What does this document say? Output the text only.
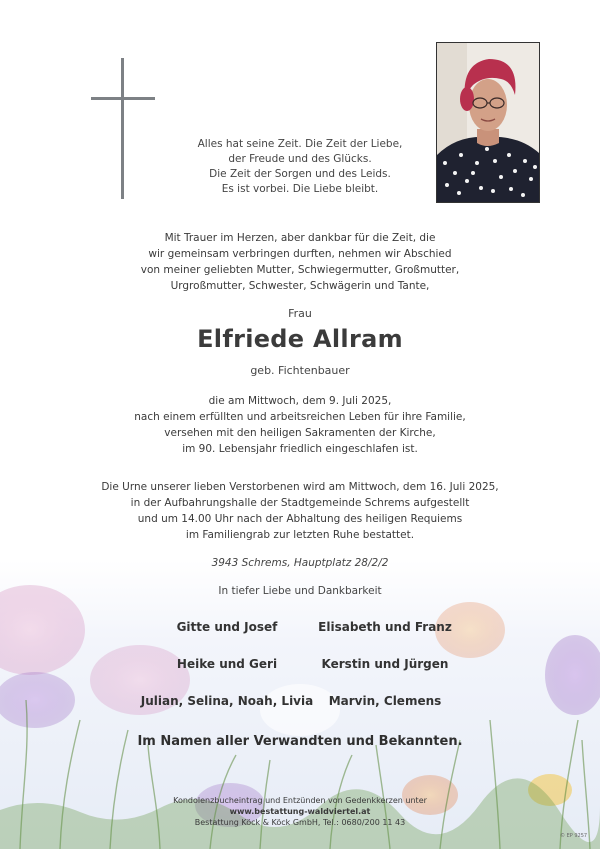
Alles hat seine Zeit. Die Zeit der Liebe,
der Freude und des Glücks.
Die Zeit der Sorgen und des Leids.
Es ist vorbei. Die Liebe bleibt.
Mit Trauer im Herzen, aber dankbar für die Zeit, die
wir gemeinsam verbringen durften, nehmen wir Abschied
von meiner geliebten Mutter, Schwiegermutter, Großmutter,
Urgroßmutter, Schwester, Schwägerin und Tante,
Frau
Elfriede Allram
geb. Fichtenbauer
die am Mittwoch, dem 9. Juli 2025,
nach einem erfüllten und arbeitsreichen Leben für ihre Familie,
versehen mit den heiligen Sakramenten der Kirche,
im 90. Lebensjahr friedlich eingeschlafen ist.
Die Urne unserer lieben Verstorbenen wird am Mittwoch, dem 16. Juli 2025,
in der Aufbahrungshalle der Stadtgemeinde Schrems aufgestellt
und um 14.00 Uhr nach der Abhaltung des heiligen Requiems
im Familiengrab zur letzten Ruhe bestattet.
3943 Schrems, Hauptplatz 28/2/2
In tiefer Liebe und Dankbarkeit
Gitte und Josef	Elisabeth und Franz
Heike und Geri	Kerstin und Jürgen
Julian, Selina, Noah, Livia	Marvin, Clemens
Im Namen aller Verwandten und Bekannten.
Kondolenzbucheintrag und Entzünden von Gedenkkerzen unter
www.bestattung-waldviertel.at
Bestattung Köck & Köck GmbH, Tel.: 0680/200 11 43
© EP 9257
